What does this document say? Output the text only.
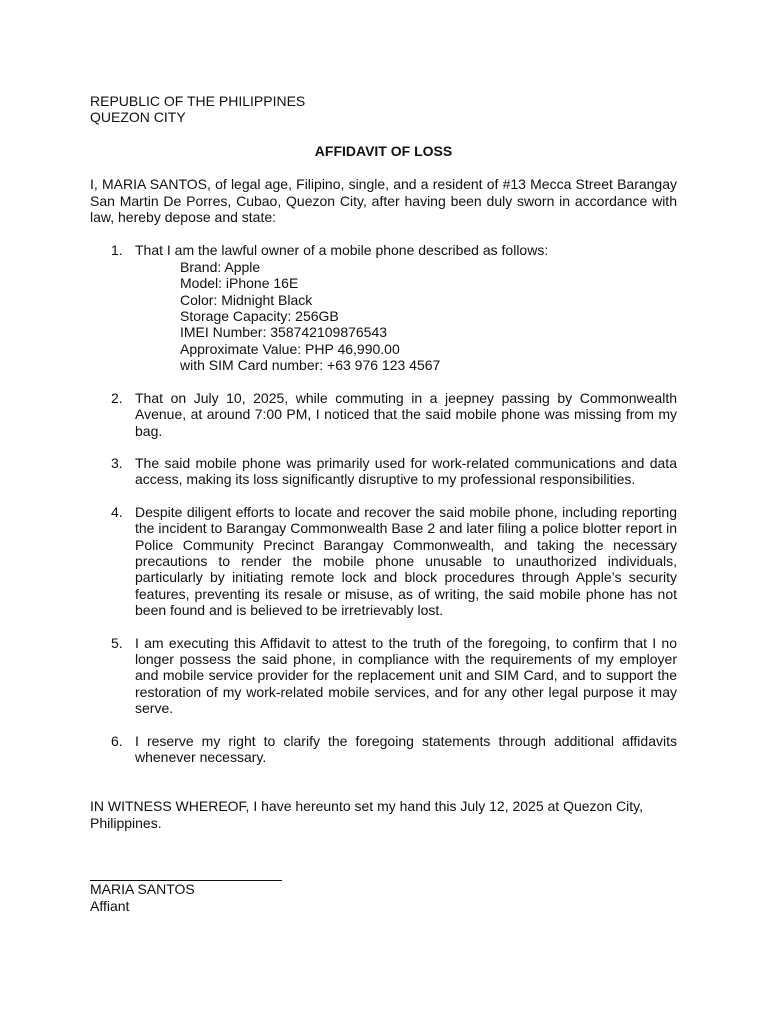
REPUBLIC OF THE PHILIPPINES
QUEZON CITY
AFFIDAVIT OF LOSS

I, MARIA SANTOS, of legal age, Filipino, single, and a resident of #13 Mecca Street Barangay San Martin De Porres, Cubao, Quezon City, after having been duly sworn in accordance with law, hereby depose and state:

1. That I am the lawful owner of a mobile phone described as follows:
Brand: Apple
Model: iPhone 16E
Color: Midnight Black
Storage Capacity: 256GB
IMEI Number: 358742109876543
Approximate Value: PHP 46,990.00
with SIM Card number: +63 976 123 4567
2. That on July 10, 2025, while commuting in a jeepney passing by Commonwealth Avenue, at around 7:00 PM, I noticed that the said mobile phone was missing from my bag.
3. The said mobile phone was primarily used for work-related communications and data access, making its loss significantly disruptive to my professional responsibilities.
4. Despite diligent efforts to locate and recover the said mobile phone, including reporting the incident to Barangay Commonwealth Base 2 and later filing a police blotter report in Police Community Precinct Barangay Commonwealth, and taking the necessary precautions to render the mobile phone unusable to unauthorized individuals, particularly by initiating remote lock and block procedures through Apple’s security features, preventing its resale or misuse, as of writing, the said mobile phone has not been found and is believed to be irretrievably lost.
5. I am executing this Affidavit to attest to the truth of the foregoing, to confirm that I no longer possess the said phone, in compliance with the requirements of my employer and mobile service provider for the replacement unit and SIM Card, and to support the restoration of my work-related mobile services, and for any other legal purpose it may serve.
6. I reserve my right to clarify the foregoing statements through additional affidavits whenever necessary.
IN WITNESS WHEREOF, I have hereunto set my hand this July 12, 2025 at Quezon City, Philippines.
MARIA SANTOS
Affiant
